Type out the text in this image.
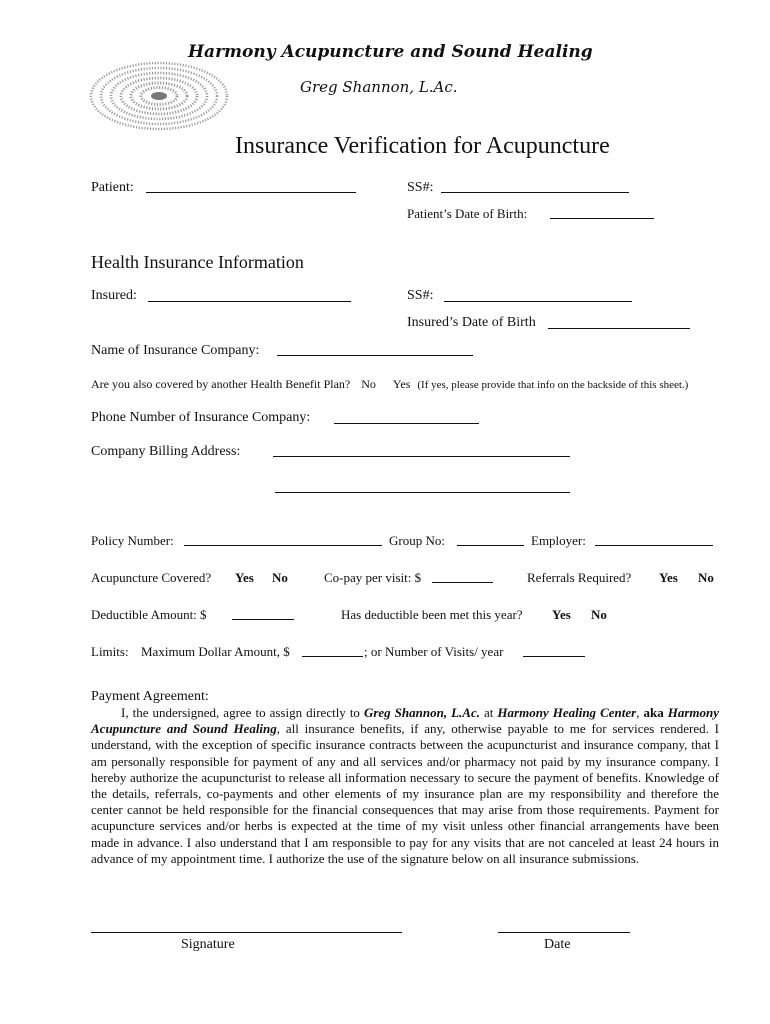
Harmony Acupuncture and Sound Healing
Greg Shannon, L.Ac.
Insurance Verification for Acupuncture
Patient:	SS#:
Patient’s Date of Birth:
Health Insurance Information
Insured:	SS#:
Insured’s Date of Birth
Name of Insurance Company:
Are you also covered by another Health Benefit Plan? No Yes (If yes, please provide that info on the backside of this sheet.)
Phone Number of Insurance Company:
Company Billing Address:
Policy Number:	Group No:	Employer:
Acupuncture Covered? Yes No	Co-pay per visit: $	Referrals Required? Yes No
Deductible Amount: $	Has deductible been met this year? Yes No
Limits: Maximum Dollar Amount, $	; or Number of Visits/ year
Payment Agreement:
I, the undersigned, agree to assign directly to Greg Shannon, L.Ac. at Harmony Healing Center, aka Harmony Acupuncture and Sound Healing, all insurance benefits, if any, otherwise payable to me for services rendered. I understand, with the exception of specific insurance contracts between the acupuncturist and insurance company, that I am personally responsible for payment of any and all services and/or pharmacy not paid by my insurance company. I hereby authorize the acupuncturist to release all information necessary to secure the payment of benefits. Knowledge of the details, referrals, co-payments and other elements of my insurance plan are my responsibility and therefore the center cannot be held responsible for the financial consequences that may arise from those requirements. Payment for acupuncture services and/or herbs is expected at the time of my visit unless other financial arrangements have been made in advance. I also understand that I am responsible to pay for any visits that are not canceled at least 24 hours in advance of my appointment time. I authorize the use of the signature below on all insurance submissions.
Signature	Date
